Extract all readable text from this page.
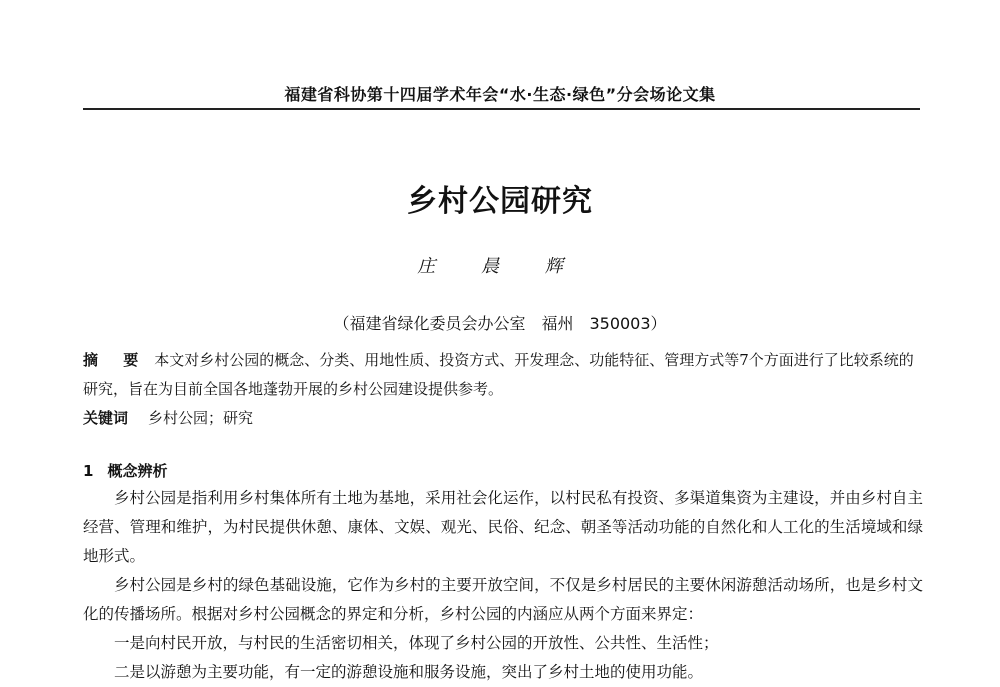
福建省科协第十四届学术年会“水·生态·绿色”分会场论文集
乡村公园研究
庄 晨 辉
（福建省绿化委员会办公室　福州　350003）
摘 要 本文对乡村公园的概念、分类、用地性质、投资方式、开发理念、功能特征、管理方式等7个方面进行了比较系统的研究，旨在为目前全国各地蓬勃开展的乡村公园建设提供参考。
关键词 乡村公园；研究
1 概念辨析

乡村公园是指利用乡村集体所有土地为基地，采用社会化运作，以村民私有投资、多渠道集资为主建设，并由乡村自主经营、管理和维护，为村民提供休憩、康体、文娱、观光、民俗、纪念、朝圣等活动功能的自然化和人工化的生活境域和绿地形式。

乡村公园是乡村的绿色基础设施，它作为乡村的主要开放空间，不仅是乡村居民的主要休闲游憩活动场所，也是乡村文化的传播场所。根据对乡村公园概念的界定和分析，乡村公园的内涵应从两个方面来界定：

一是向村民开放，与村民的生活密切相关，体现了乡村公园的开放性、公共性、生活性；

二是以游憩为主要功能，有一定的游憩设施和服务设施，突出了乡村土地的使用功能。
